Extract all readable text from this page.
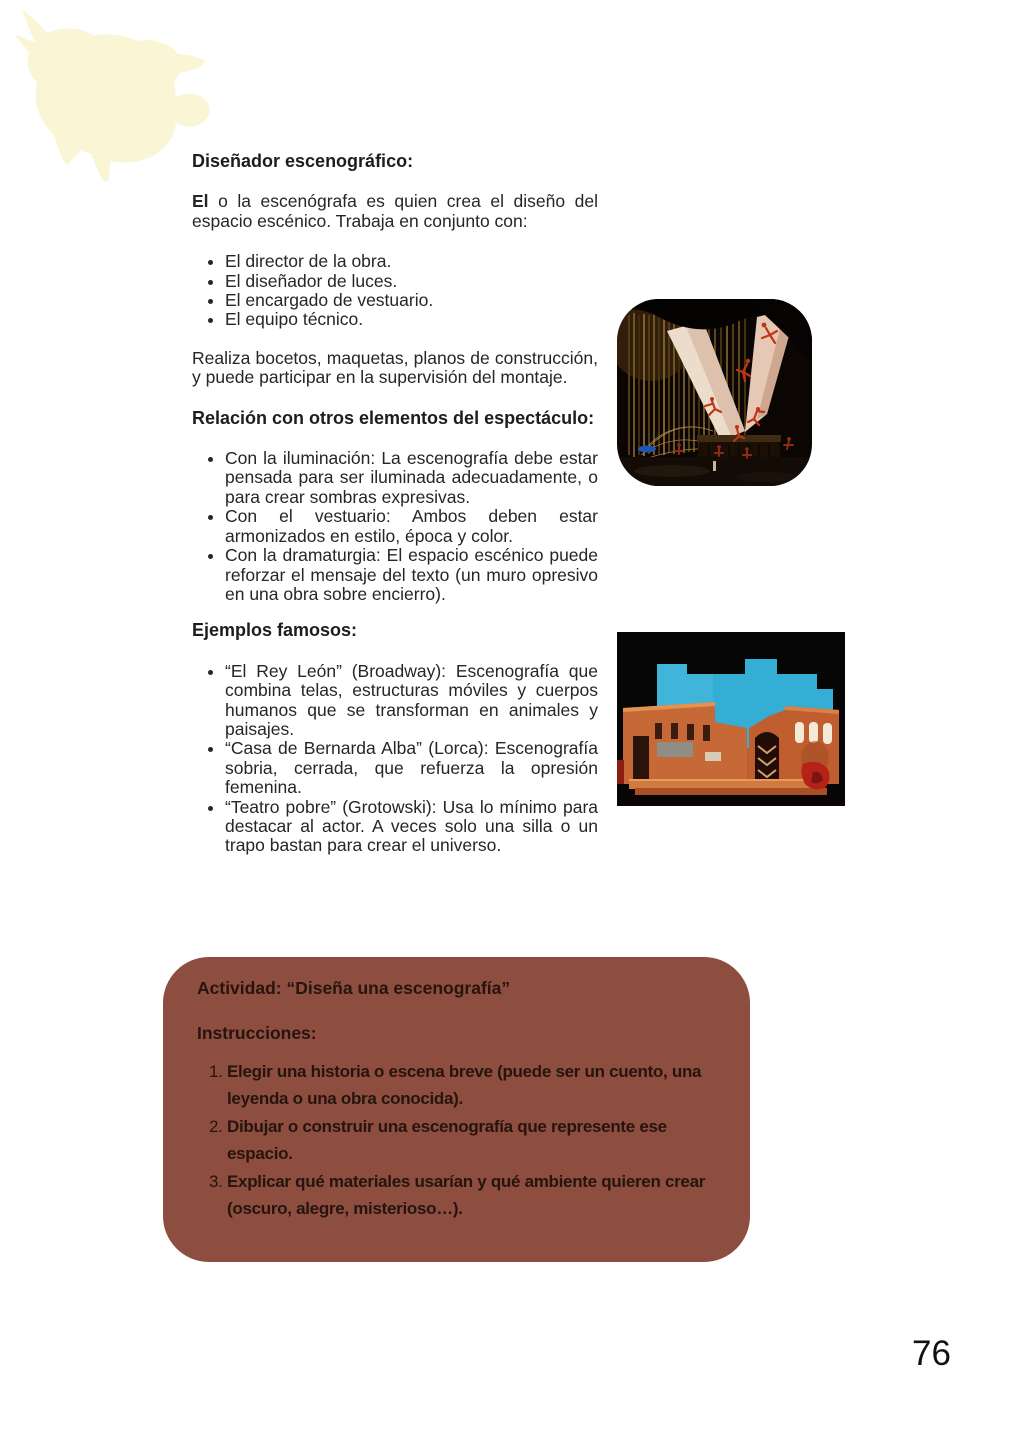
Diseñador escenográfico:

El o la escenógrafa es quien crea el diseño del espacio escénico. Trabaja en conjunto con:

• El director de la obra.
• El diseñador de luces.
• El encargado de vestuario.
• El equipo técnico.

Realiza bocetos, maquetas, planos de construcción, y puede participar en la supervisión del montaje.

Relación con otros elementos del espectáculo:
• Con la iluminación: La escenografía debe estar pensada para ser iluminada adecuadamente, o para crear sombras expresivas.
• Con el vestuario: Ambos deben estar armonizados en estilo, época y color.
• Con la dramaturgia: El espacio escénico puede reforzar el mensaje del texto (un muro opresivo en una obra sobre encierro).
Ejemplos famosos:
• “El Rey León” (Broadway): Escenografía que combina telas, estructuras móviles y cuerpos humanos que se transforman en animales y paisajes.
• “Casa de Bernarda Alba” (Lorca): Escenografía sobria, cerrada, que refuerza la opresión femenina.
• “Teatro pobre” (Grotowski): Usa lo mínimo para destacar al actor. A veces solo una silla o un trapo bastan para crear el universo.

Actividad: “Diseña una escenografía”

Instrucciones:

1. Elegir una historia o escena breve (puede ser un cuento, una leyenda o una obra conocida).
2. Dibujar o construir una escenografía que represente ese espacio.
3. Explicar qué materiales usarían y qué ambiente quieren crear (oscuro, alegre, misterioso…).
76
